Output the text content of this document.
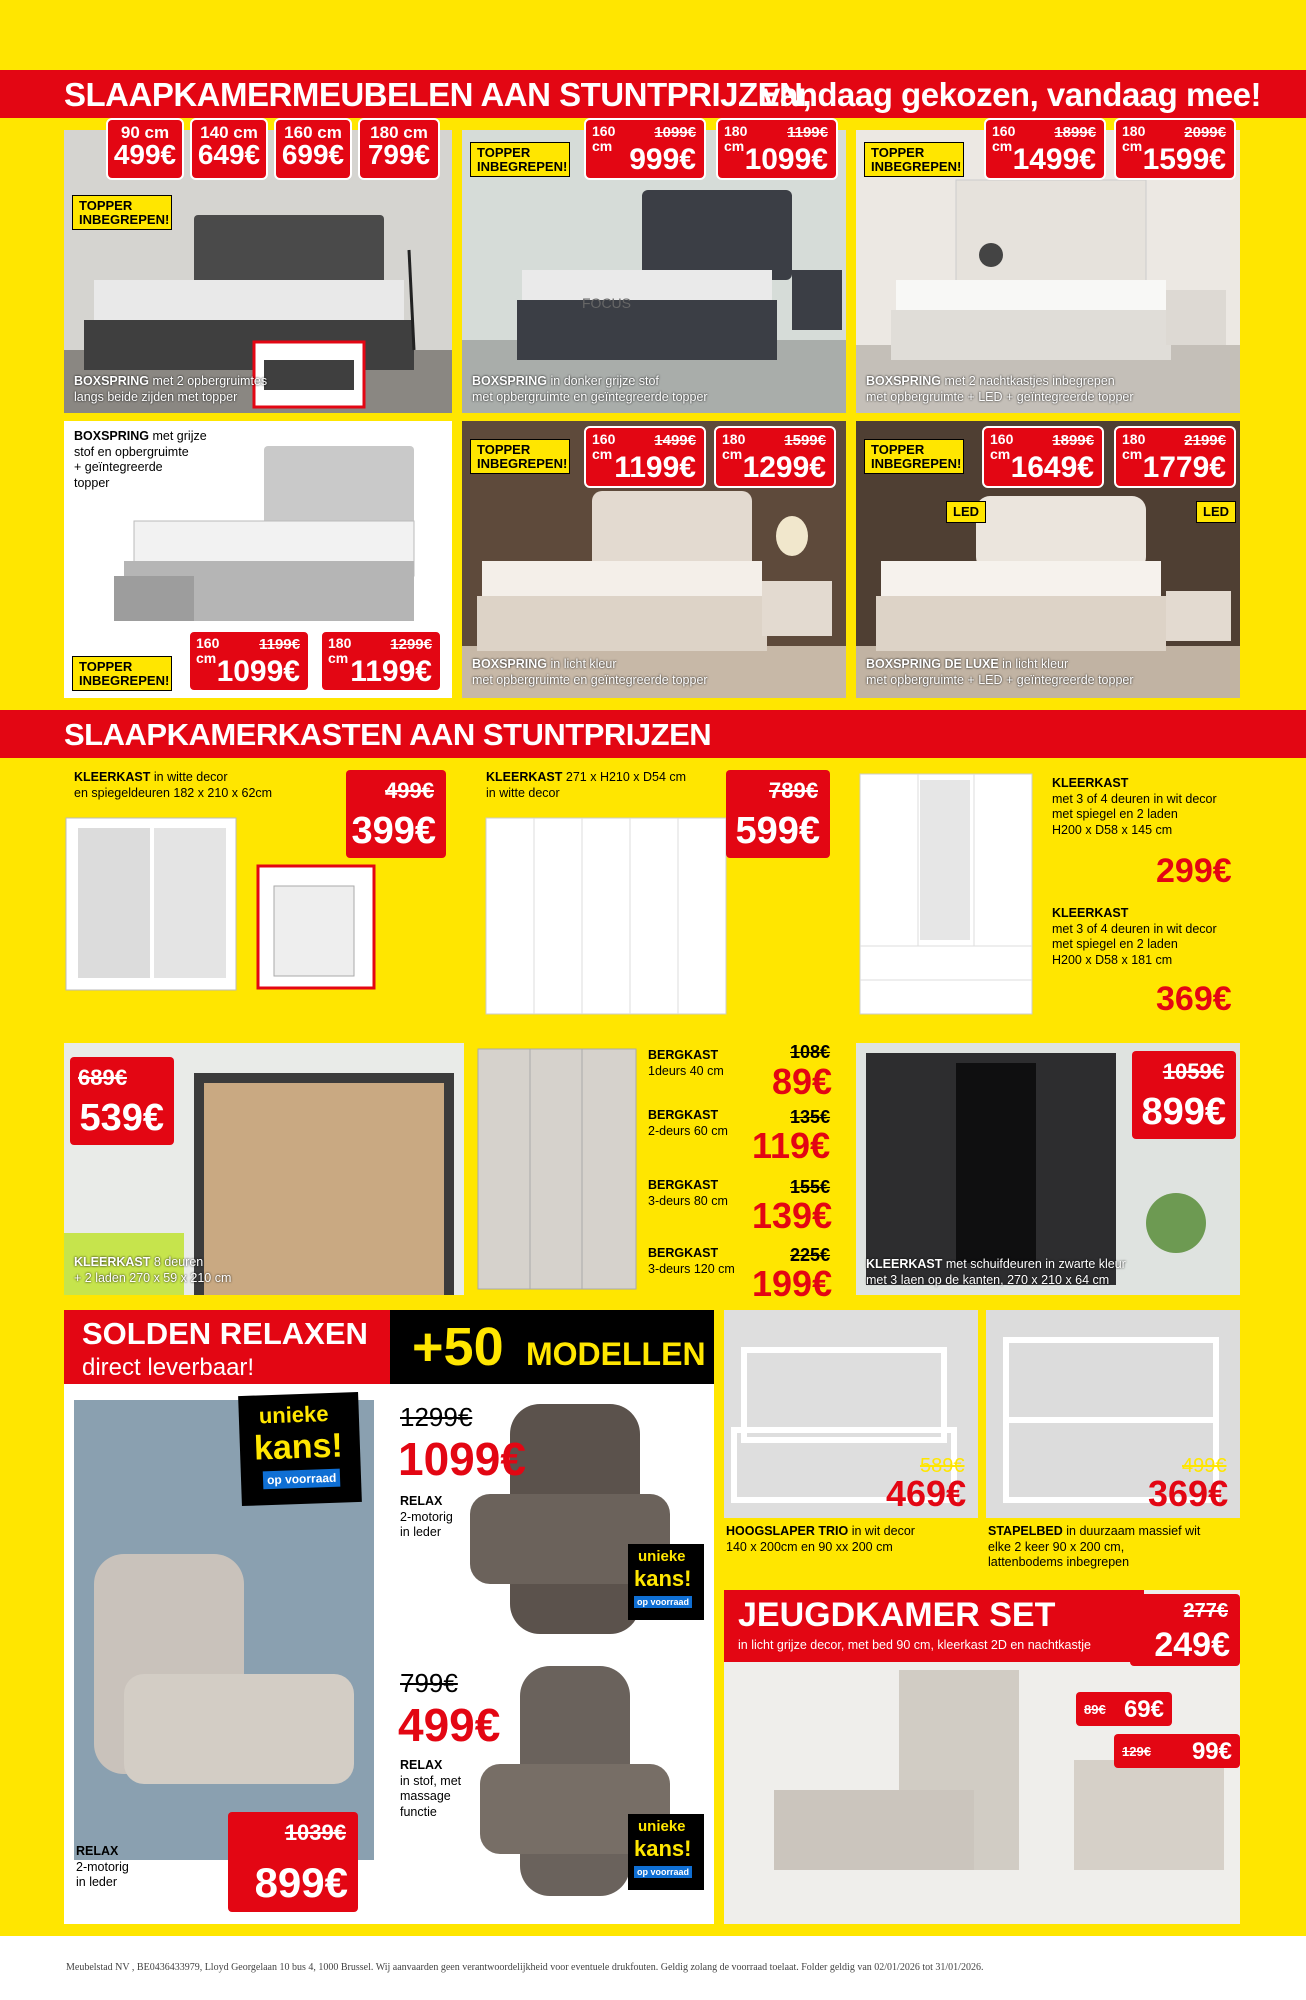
SLAAPKAMERMEUBELEN AAN STUNTPRIJZEN,
vandaag gekozen, vandaag mee!
TOPPER INBEGREPEN!
BOXSPRING met 2 opbergruimtes
langs beide zijden met topper
90 cm
499€
140 cm
649€
160 cm
699€
180 cm
799€
FOCUS
TOPPER INBEGREPEN!
BOXSPRING in donker grijze stof
met opbergruimte en geïntegreerde topper
160 cm
1099€
999€
180 cm
1199€
1099€	TOPPER INBEGREPEN!
BOXSPRING met 2 nachtkastjes inbegrepen
met opbergruimte + LED + geïntegreerde topper
160 cm
1899€
1499€
180 cm
2099€
1599€
BOXSPRING met grijze
stof en opbergruimte
+ geïntegreerde
topper
TOPPER INBEGREPEN!
160 cm
1199€
1099€
180 cm
1299€
1199€
TOPPER INBEGREPEN!
BOXSPRING in licht kleur
met opbergruimte en geïntegreerde topper
160 cm
1499€
1199€
180 cm
1599€
1299€
TOPPER INBEGREPEN!
LED	LED
BOXSPRING DE LUXE in licht kleur
met opbergruimte + LED + geïntegreerde topper
160 cm
1899€
1649€
180 cm
2199€
1779€
SLAAPKAMERKASTEN AAN STUNTPRIJZEN
KLEERKAST in witte decor
en spiegeldeuren 182 x 210 x 62cm	499€
399€
KLEERKAST 271 x H210 x D54 cm
in witte decor	789€
599€
KLEERKAST
met 3 of 4 deuren in wit decor
met spiegel en 2 laden
H200 x D58 x 145 cm
299€
KLEERKAST
met 3 of 4 deuren in wit decor
met spiegel en 2 laden
H200 x D58 x 181 cm
369€
689€
539€
KLEERKAST 8 deuren
+ 2 laden 270 x 59 x 210 cm
BERGKAST
1deurs 40 cm
108€
89€
BERGKAST
2-deurs 60 cm
135€
119€
BERGKAST
3-deurs 80 cm
155€
139€
BERGKAST
3-deurs 120 cm
225€
199€
1059€
899€
KLEERKAST met schuifdeuren in zwarte kleur
met 3 laen op de kanten, 270 x 210 x 64 cm
SOLDEN RELAXEN
direct leverbaar!	+50 MODELLEN
unieke
kans!
op voorraad
RELAX
2-motorig
in leder
1039€
899€
1299€
1099€
RELAX
2-motorig
in leder
unieke
kans!
op voorraad
799€
499€
RELAX
in stof, met
massage
functie
unieke
kans!
op voorraad
589€
469€
499€
369€
HOOGSLAPER TRIO in wit decor
140 x 200cm en 90 xx 200 cm
STAPELBED in duurzaam massief wit
elke 2 keer 90 x 200 cm,
lattenbodems inbegrepen
JEUGDKAMER SET
in licht grijze decor, met bed 90 cm, kleerkast 2D en nachtkastje
277€
249€
89€ 69€
129€ 99€
Meubelstad NV , BE0436433979, Lloyd Georgelaan 10 bus 4, 1000 Brussel. Wij aanvaarden geen verantwoordelijkheid voor eventuele drukfouten. Geldig zolang de voorraad toelaat. Folder geldig van 02/01/2026 tot 31/01/2026.
